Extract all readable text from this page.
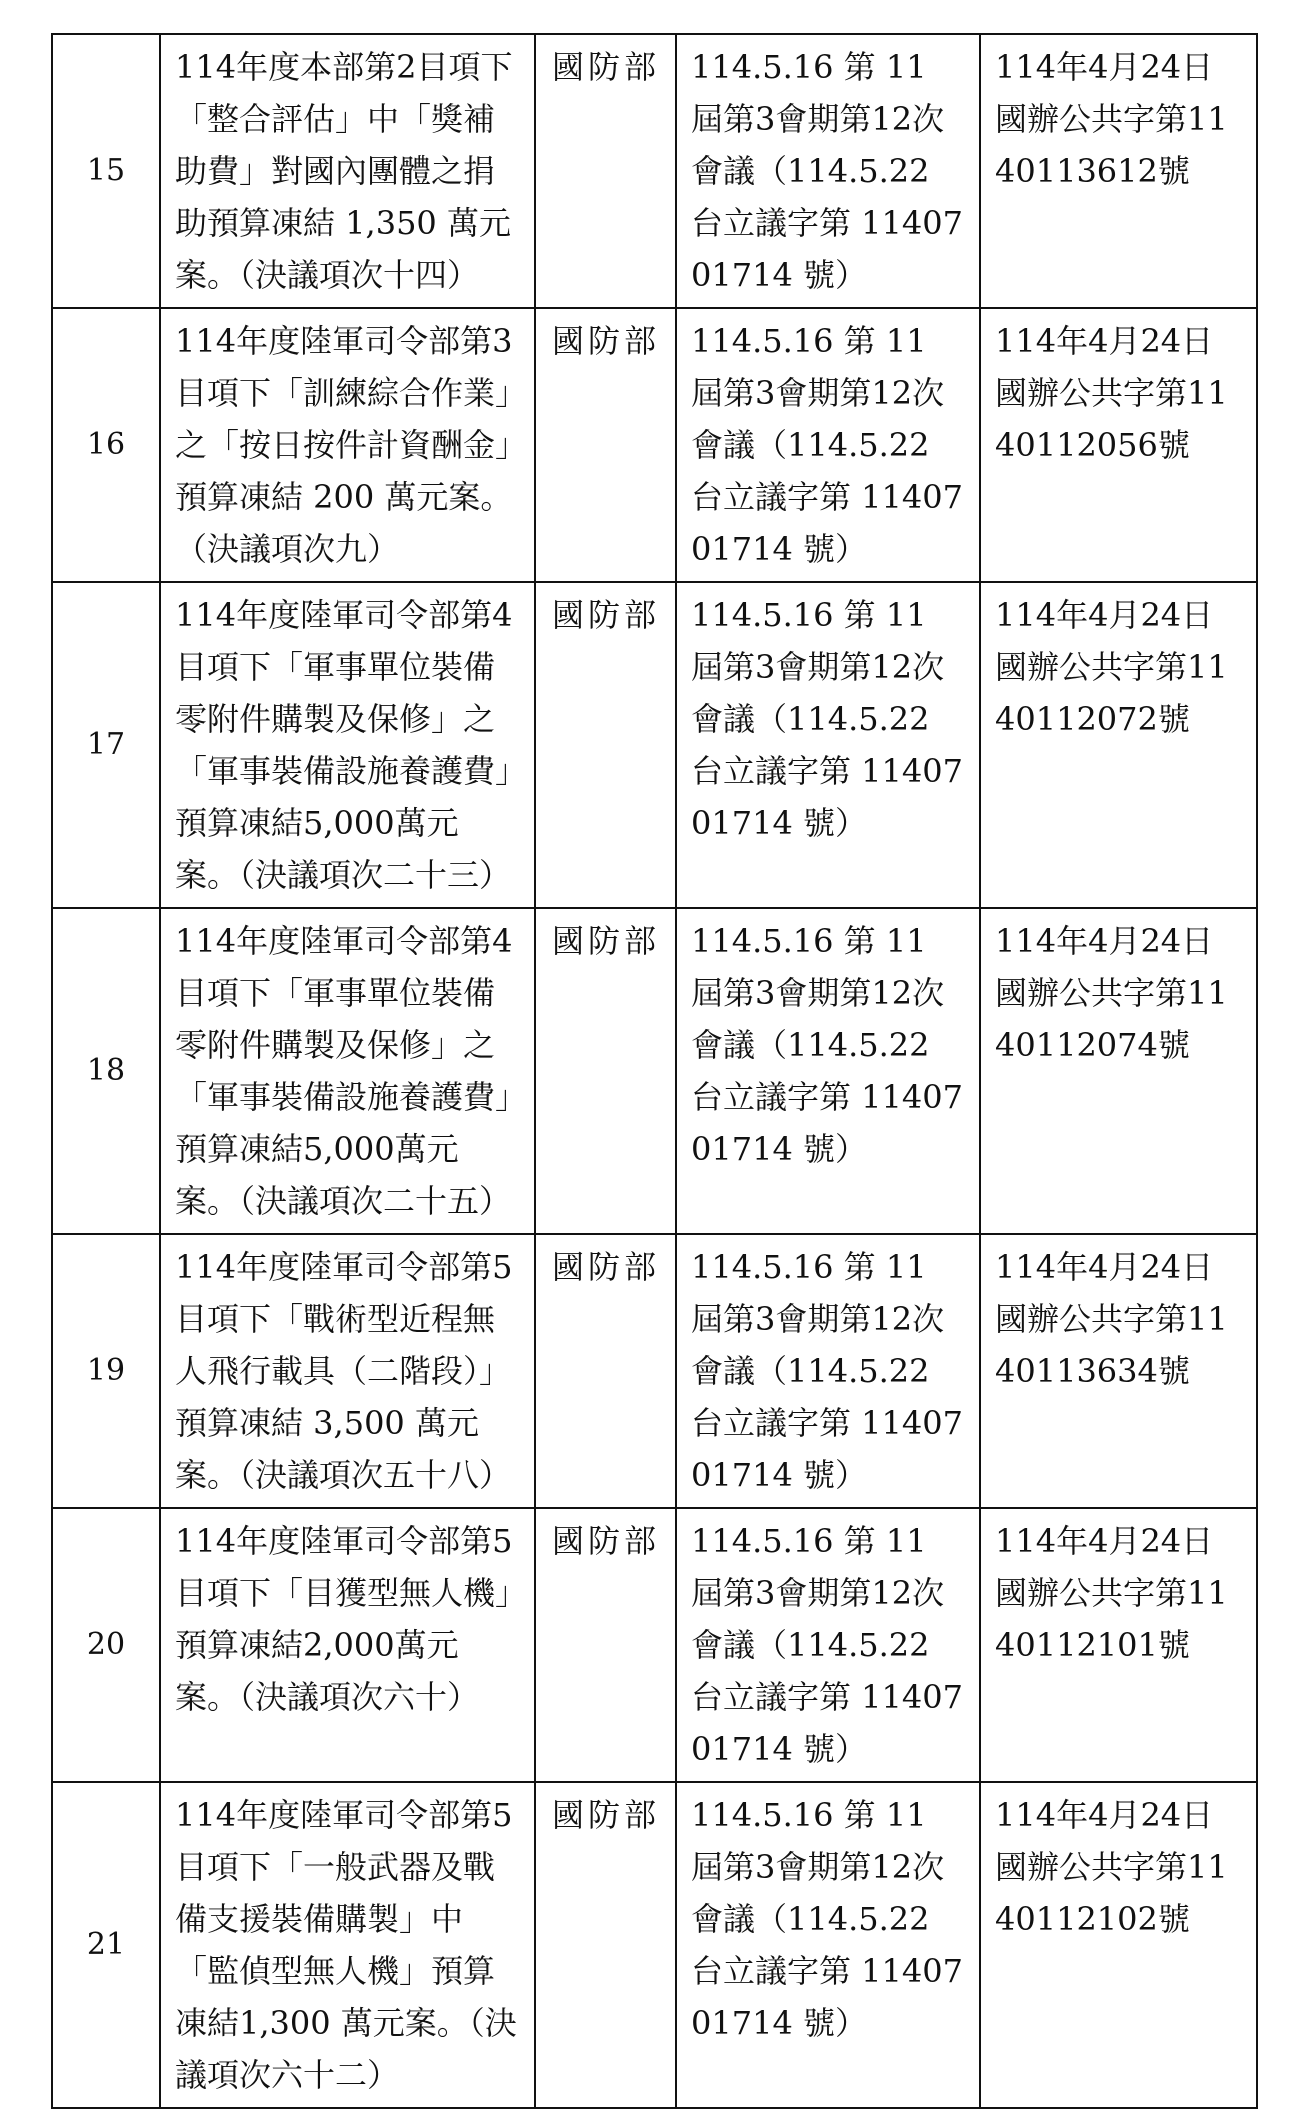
15	114年度本部第2目項下「整合評估」中「獎補助費」對國內團體之捐助預算凍結 1,350 萬元案。（決議項次十四）	國防部	114.5.16 第 11 屆第3會期第12次會議（114.5.22 台立議字第 1140701714 號）	114年4月24日國辦公共字第1140113612號
16	114年度陸軍司令部第3目項下「訓練綜合作業」之「按日按件計資酬金」預算凍結 200 萬元案。（決議項次九）	國防部	114.5.16 第 11 屆第3會期第12次會議（114.5.22 台立議字第 1140701714 號）	114年4月24日國辦公共字第1140112056號
17	114年度陸軍司令部第4目項下「軍事單位裝備零附件購製及保修」之「軍事裝備設施養護費」預算凍結5,000萬元案。（決議項次二十三）	國防部	114.5.16 第 11 屆第3會期第12次會議（114.5.22 台立議字第 1140701714 號）	114年4月24日國辦公共字第1140112072號
18	114年度陸軍司令部第4目項下「軍事單位裝備零附件購製及保修」之「軍事裝備設施養護費」預算凍結5,000萬元案。（決議項次二十五）	國防部	114.5.16 第 11 屆第3會期第12次會議（114.5.22 台立議字第 1140701714 號）	114年4月24日國辦公共字第1140112074號
19	114年度陸軍司令部第5目項下「戰術型近程無人飛行載具（二階段）」預算凍結 3,500 萬元案。（決議項次五十八）	國防部	114.5.16 第 11 屆第3會期第12次會議（114.5.22 台立議字第 1140701714 號）	114年4月24日國辦公共字第1140113634號
20	114年度陸軍司令部第5目項下「目獲型無人機」預算凍結2,000萬元案。（決議項次六十）	國防部	114.5.16 第 11 屆第3會期第12次會議（114.5.22 台立議字第 1140701714 號）	114年4月24日國辦公共字第1140112101號
21	114年度陸軍司令部第5目項下「一般武器及戰備支援裝備購製」中「監偵型無人機」預算凍結1,300 萬元案。（決議項次六十二）	國防部	114.5.16 第 11 屆第3會期第12次會議（114.5.22 台立議字第 1140701714 號）	114年4月24日國辦公共字第1140112102號
